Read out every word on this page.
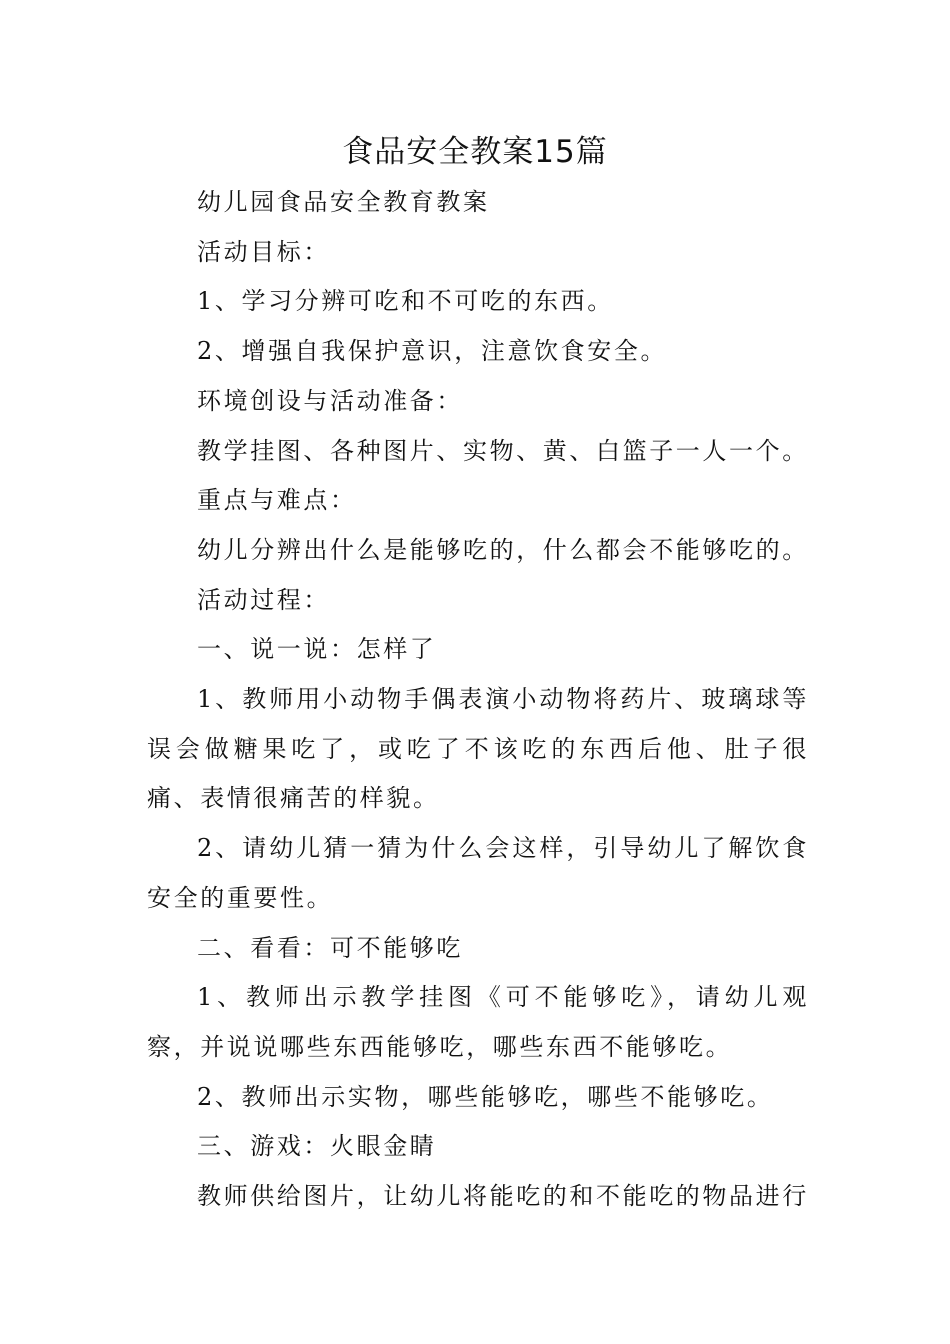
食品安全教案15篇

幼儿园食品安全教育教案

活动目标：

1、学习分辨可吃和不可吃的东西。

2、增强自我保护意识，注意饮食安全。

环境创设与活动准备：

教学挂图、各种图片、实物、黄、白篮子一人一个。

重点与难点：

幼儿分辨出什么是能够吃的，什么都会不能够吃的。

活动过程：

一、说一说：怎样了

1、教师用小动物手偶表演小动物将药片、玻璃球等误会做糖果吃了，或吃了不该吃的东西后他、肚子很痛、表情很痛苦的样貌。

2、请幼儿猜一猜为什么会这样，引导幼儿了解饮食安全的重要性。

二、看看：可不能够吃

1、教师出示教学挂图《可不能够吃》，请幼儿观察，并说说哪些东西能够吃，哪些东西不能够吃。

2、教师出示实物，哪些能够吃，哪些不能够吃。

三、游戏：火眼金睛

教师供给图片，让幼儿将能吃的和不能吃的物品进行
